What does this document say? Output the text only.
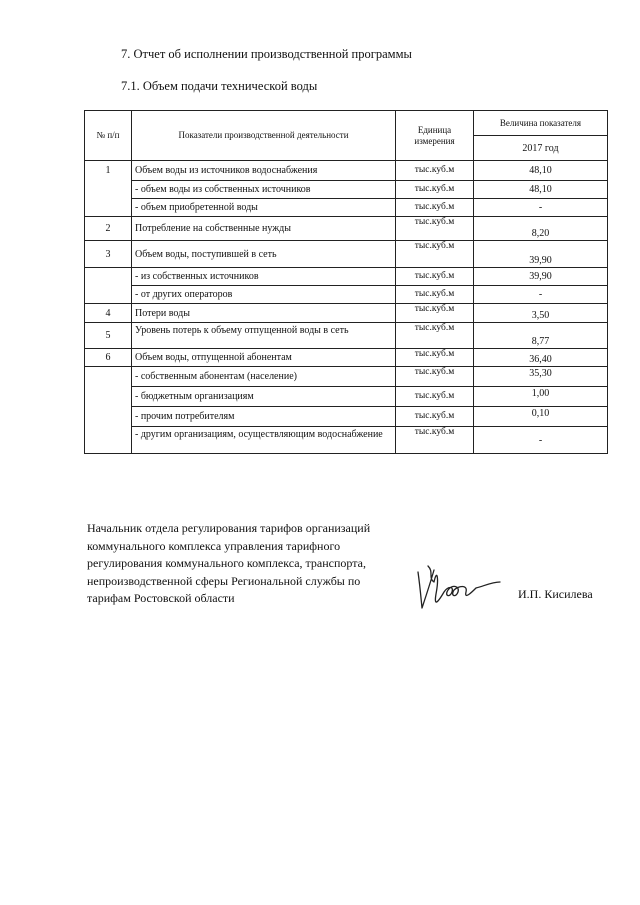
7. Отчет об исполнении производственной программы
7.1. Объем подачи технической воды
№ п/п	Показатели производственной деятельности	Единица измерения	Величина показателя
			2017 год
1	Объем воды из источников водоснабжения	тыс.куб.м	48,10
	- объем воды из собственных источников	тыс.куб.м	48,10
	- объем приобретенной воды	тыс.куб.м	-
2	Потребление на собственные нужды	тыс.куб.м	8,20
3	Объем воды, поступившей в сеть	тыс.куб.м	39,90
	- из собственных источников	тыс.куб.м	39,90
	- от других операторов	тыс.куб.м	-
4	Потери воды	тыс.куб.м	3,50
5	Уровень потерь к объему отпущенной воды в сеть	тыс.куб.м	8,77
6	Объем воды, отпущенной абонентам	тыс.куб.м	36,40
	- собственным абонентам (население)	тыс.куб.м	35,30
	- бюджетным организациям	тыс.куб.м	1,00
	- прочим потребителям	тыс.куб.м	0,10
	- другим организациям, осуществляющим водоснабжение	тыс.куб.м	-
Начальник отдела регулирования тарифов организаций
коммунального комплекса управления тарифного
регулирования коммунального комплекса, транспорта,
непроизводственной сферы Региональной службы по
тарифам Ростовской области	И.П. Кисилева
